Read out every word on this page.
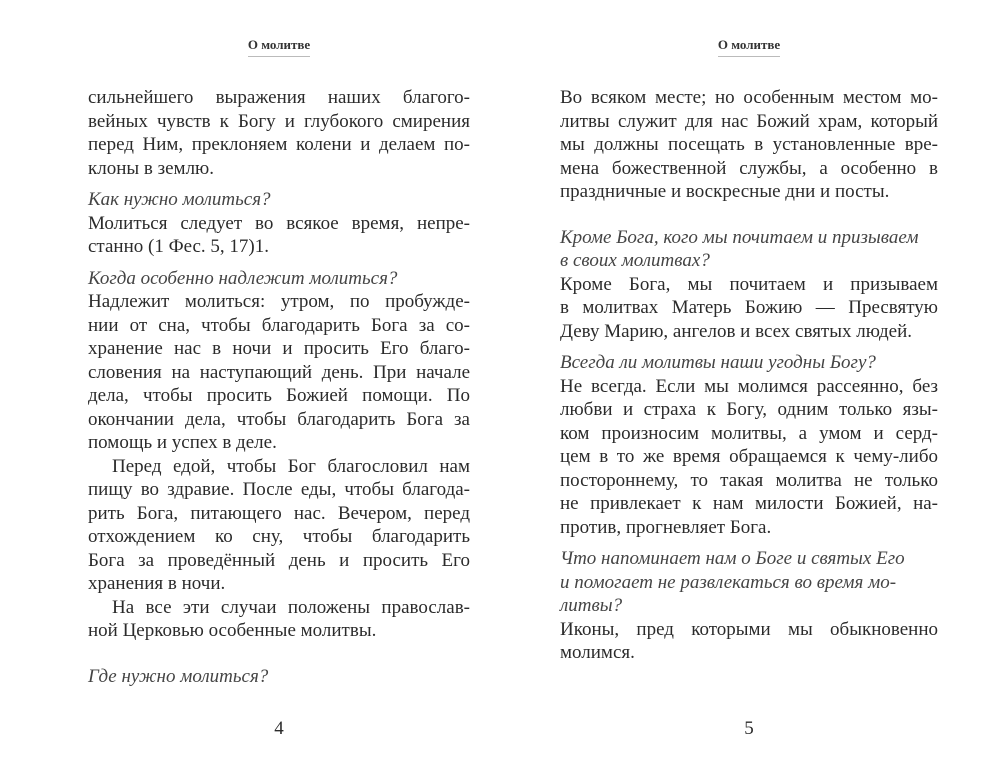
О молитве
сильнейшего выражения наших благого-
вейных чувств к Богу и глубокого смирения
перед Ним, преклоняем колени и делаем по-
клоны в землю.
Как нужно молиться?
Молиться следует во всякое время, непре-
станно (1 Фес. 5, 17)1.
Когда особенно надлежит молиться?
Надлежит молиться: утром, по пробужде-
нии от сна, чтобы благодарить Бога за со-
хранение нас в ночи и просить Его благо-
словения на наступающий день. При начале
дела, чтобы просить Божией помощи. По
окончании дела, чтобы благодарить Бога за
помощь и успех в деле.
Перед едой, чтобы Бог благословил нам
пищу во здравие. После еды, чтобы благода-
рить Бога, питающего нас. Вечером, перед
отхождением ко сну, чтобы благодарить
Бога за проведённый день и просить Его
хранения в ночи.
На все эти случаи положены православ-
ной Церковью особенные молитвы.
Где нужно молиться?
4
О молитве
Во всяком месте; но особенным местом мо-
литвы служит для нас Божий храм, который
мы должны посещать в установленные вре-
мена божественной службы, а особенно в
праздничные и воскресные дни и посты.
Кроме Бога, кого мы почитаем и призываем
в своих молитвах?
Кроме Бога, мы почитаем и призываем
в молитвах Матерь Божию — Пресвятую
Деву Марию, ангелов и всех святых людей.
Всегда ли молитвы наши угодны Богу?
Не всегда. Если мы молимся рассеянно, без
любви и страха к Богу, одним только язы-
ком произносим молитвы, а умом и серд-
цем в то же время обращаемся к чему-либо
постороннему, то такая молитва не только
не привлекает к нам милости Божией, на-
против, прогневляет Бога.
Что напоминает нам о Боге и святых Его
и помогает не развлекаться во время мо-
литвы?
Иконы, пред которыми мы обыкновенно
молимся.
5
